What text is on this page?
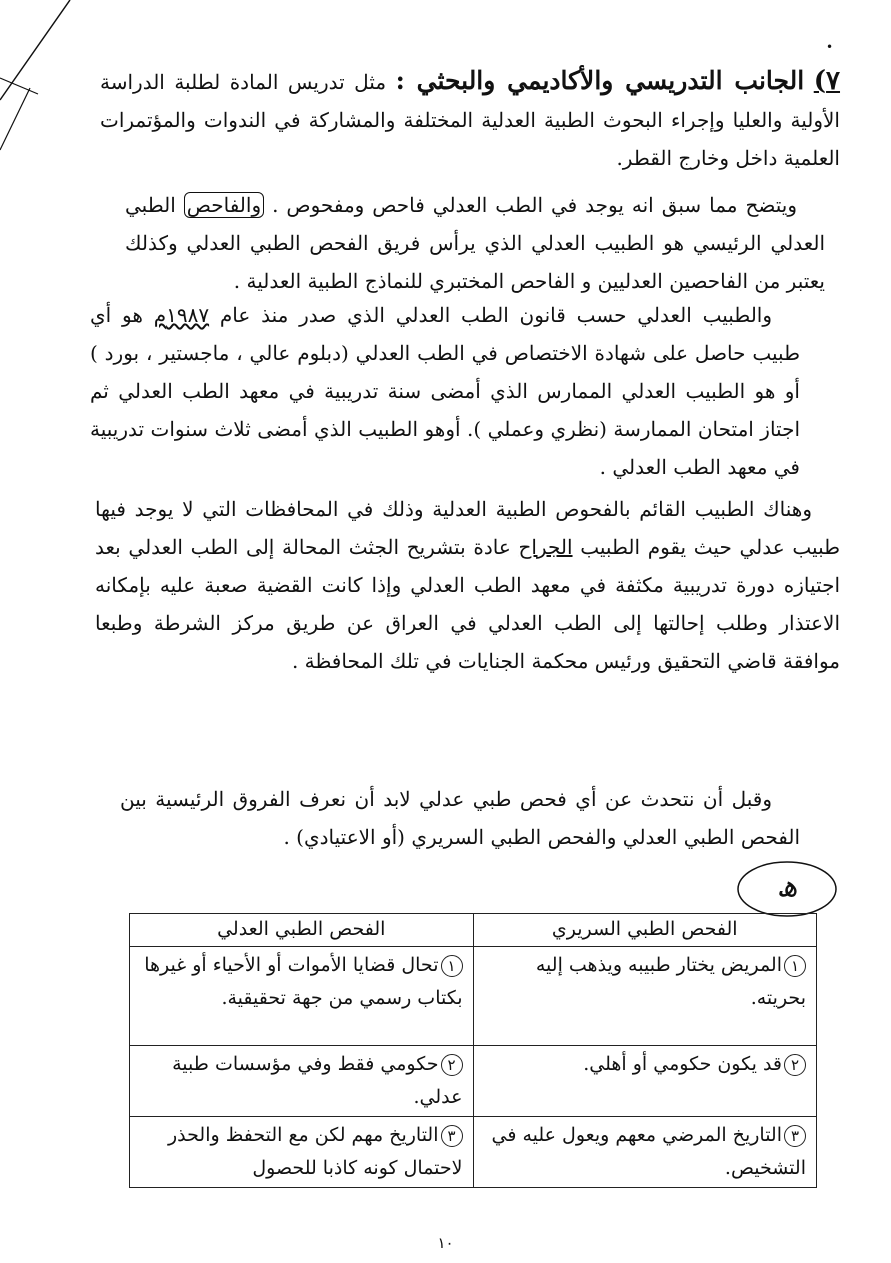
•

٧) الجانب التدريسي والأكاديمي والبحثي : مثل تدريس المادة لطلبة الدراسة الأولية والعليا وإجراء البحوث الطبية العدلية المختلفة والمشاركة في الندوات والمؤتمرات العلمية داخل وخارج القطر.

ويتضح مما سبق انه يوجد في الطب العدلي فاحص ومفحوص . والفاحص الطبي العدلي الرئيسي هو الطبيب العدلي الذي يرأس فريق الفحص الطبي العدلي وكذلك يعتبر من الفاحصين العدليين و الفاحص المختبري للنماذج الطبية العدلية .

والطبيب العدلي حسب قانون الطب العدلي الذي صدر منذ عام ١٩٨٧م هو أي طبيب حاصل على شهادة الاختصاص في الطب العدلي (دبلوم عالي ، ماجستير ، بورد ) أو هو الطبيب العدلي الممارس الذي أمضى سنة تدريبية في معهد الطب العدلي ثم اجتاز امتحان الممارسة (نظري وعملي ). أوهو الطبيب الذي أمضى ثلاث سنوات تدريبية في معهد الطب العدلي .

وهناك الطبيب القائم بالفحوص الطبية العدلية وذلك في المحافظات التي لا يوجد فيها طبيب عدلي حيث يقوم الطبيب الجراح عادة بتشريح الجثث المحالة إلى الطب العدلي بعد اجتيازه دورة تدريبية مكثفة في معهد الطب العدلي وإذا كانت القضية صعبة عليه بإمكانه الاعتذار وطلب إحالتها إلى الطب العدلي في العراق عن طريق مركز الشرطة وطبعا موافقة قاضي التحقيق ورئيس محكمة الجنايات في تلك المحافظة .

وقبل أن نتحدث عن أي فحص طبي عدلي لابد أن نعرف الفروق الرئيسية بين الفحص الطبي العدلي والفحص الطبي السريري (أو الاعتيادي) .

ھ
الفحص الطبي السريري	الفحص الطبي العدلي
١المريض يختار طبيبه ويذهب إليه بحريته.	١تحال قضايا الأموات أو الأحياء أو غيرها بكتاب رسمي من جهة تحقيقية.
٢قد يكون حكومي أو أهلي.	٢حكومي فقط وفي مؤسسات طبية عدلي.
٣التاريخ المرضي معهم ويعول عليه في التشخيص.	٣التاريخ مهم لكن مع التحفظ والحذر لاحتمال كونه كاذبا للحصول
١٠
